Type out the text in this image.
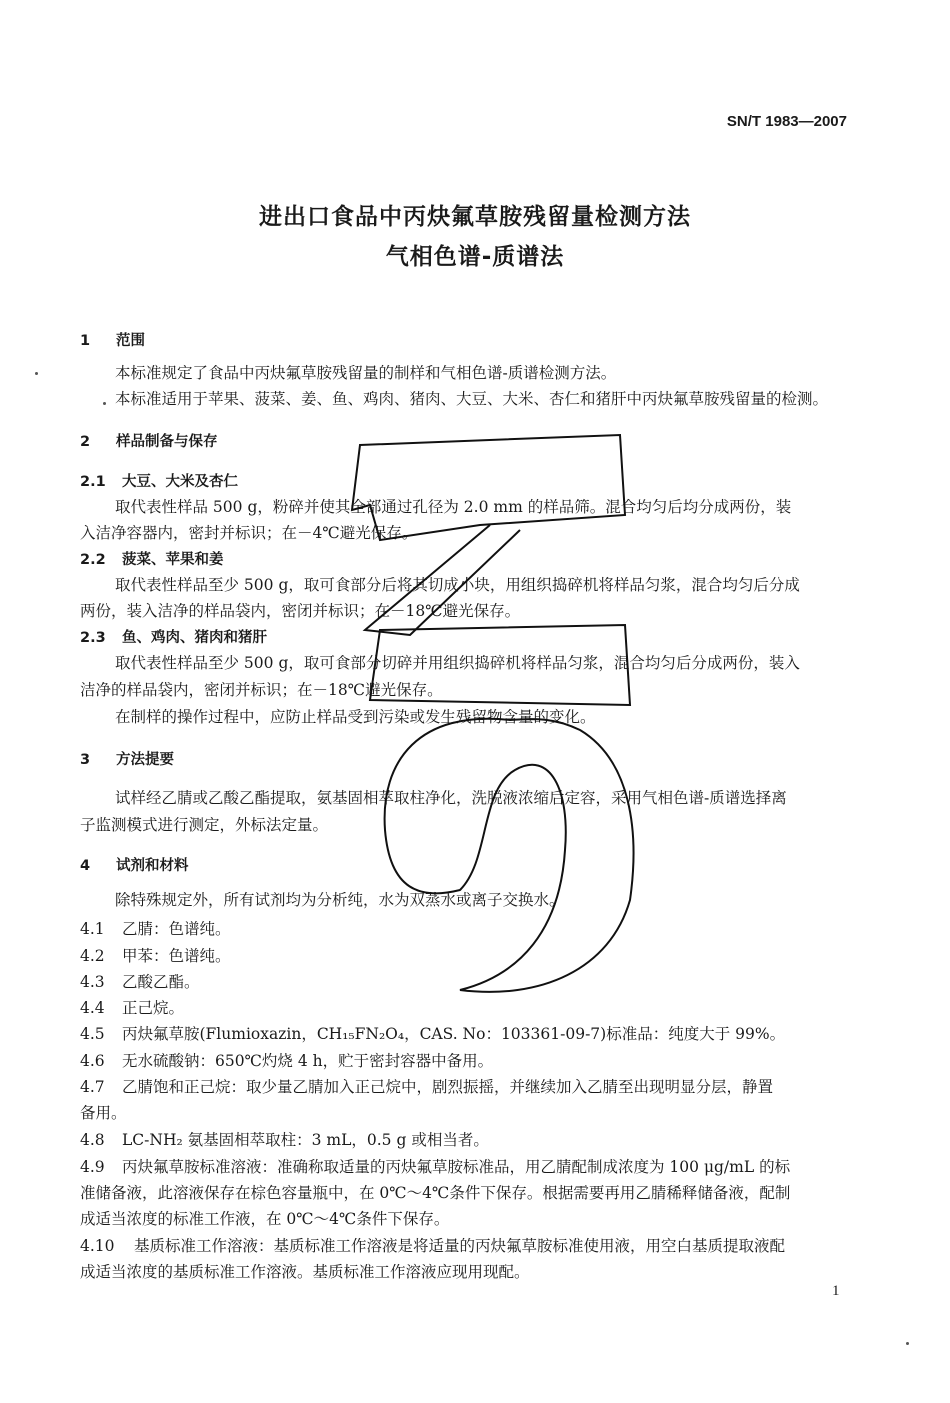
SN/T 1983—2007
进出口食品中丙炔氟草胺残留量检测方法
气相色谱-质谱法
1 范围
本标准规定了食品中丙炔氟草胺残留量的制样和气相色谱-质谱检测方法。
本标准适用于苹果、菠菜、姜、鱼、鸡肉、猪肉、大豆、大米、杏仁和猪肝中丙炔氟草胺残留量的检测。
2 样品制备与保存
2.1 大豆、大米及杏仁
取代表性样品 500 g，粉碎并使其全部通过孔径为 2.0 mm 的样品筛。混合均匀后均分成两份，装
入洁净容器内，密封并标识；在－4℃避光保存。
2.2 菠菜、苹果和姜
取代表性样品至少 500 g，取可食部分后将其切成小块，用组织捣碎机将样品匀浆，混合均匀后分成
两份，装入洁净的样品袋内，密闭并标识；在－18℃避光保存。
2.3 鱼、鸡肉、猪肉和猪肝
取代表性样品至少 500 g，取可食部分切碎并用组织捣碎机将样品匀浆，混合均匀后分成两份，装入
洁净的样品袋内，密闭并标识；在－18℃避光保存。
在制样的操作过程中，应防止样品受到污染或发生残留物含量的变化。
3 方法提要
试样经乙腈或乙酸乙酯提取，氨基固相萃取柱净化，洗脱液浓缩后定容，采用气相色谱-质谱选择离
子监测模式进行测定，外标法定量。
4 试剂和材料
除特殊规定外，所有试剂均为分析纯，水为双蒸水或离子交换水。
4.1 乙腈：色谱纯。
4.2 甲苯：色谱纯。
4.3 乙酸乙酯。
4.4 正己烷。
4.5 丙炔氟草胺(Flumioxazin，CH₁₅FN₂O₄，CAS. No：103361-09-7)标准品：纯度大于 99%。
4.6 无水硫酸钠：650℃灼烧 4 h，贮于密封容器中备用。
4.7 乙腈饱和正己烷：取少量乙腈加入正己烷中，剧烈振摇，并继续加入乙腈至出现明显分层，静置
备用。
4.8 LC-NH₂ 氨基固相萃取柱：3 mL，0.5 g 或相当者。
4.9 丙炔氟草胺标准溶液：准确称取适量的丙炔氟草胺标准品，用乙腈配制成浓度为 100 μg/mL 的标
准储备液，此溶液保存在棕色容量瓶中，在 0℃～4℃条件下保存。根据需要再用乙腈稀释储备液，配制
成适当浓度的标准工作液，在 0℃～4℃条件下保存。
4.10 基质标准工作溶液：基质标准工作溶液是将适量的丙炔氟草胺标准使用液，用空白基质提取液配
成适当浓度的基质标准工作溶液。基质标准工作溶液应现用现配。
1
